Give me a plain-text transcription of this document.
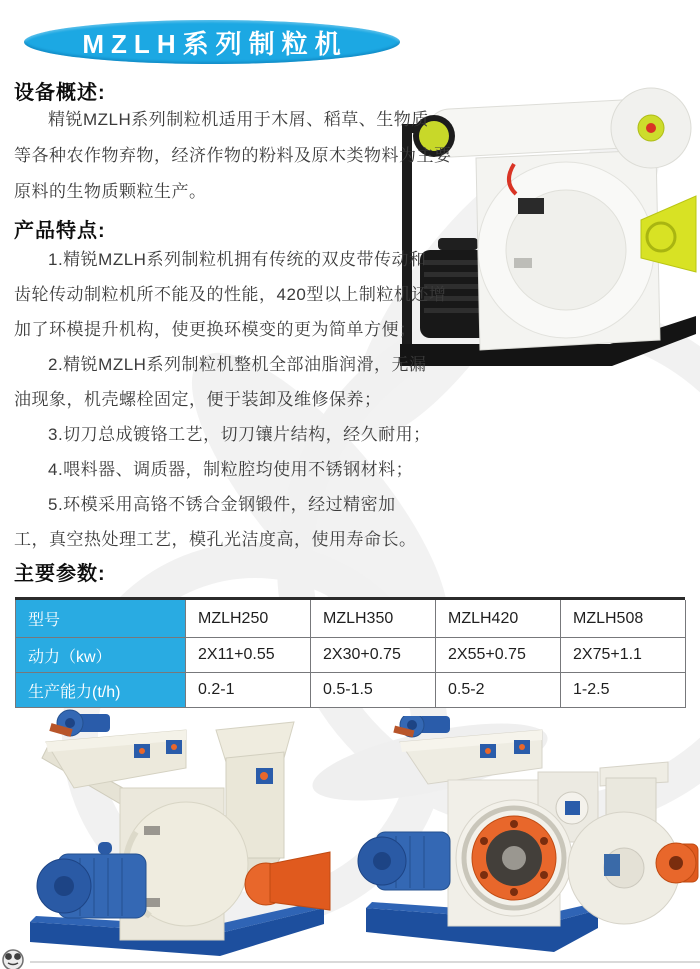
MZLH系列制粒机
设备概述:
精锐MZLH系列制粒机适用于木屑、稻草、生物质
等各种农作物弃物，经济作物的粉料及原木类物料为主要
原料的生物质颗粒生产。
产品特点:
1.精锐MZLH系列制粒机拥有传统的双皮带传动和
齿轮传动制粒机所不能及的性能，420型以上制粒机还增
加了环模提升机构，使更换环模变的更为简单方便；
2.精锐MZLH系列制粒机整机全部油脂润滑，无漏
油现象，机壳螺栓固定，便于装卸及维修保养；
3.切刀总成镀铬工艺，切刀镶片结构，经久耐用；
4.喂料器、调质器，制粒腔均使用不锈钢材料；
5.环模采用高铬不锈合金钢锻件，经过精密加
工，真空热处理工艺，模孔光洁度高，使用寿命长。
主要参数:
型号	MZLH250	MZLH350	MZLH420	MZLH508
动力（kw）	2X11+0.55	2X30+0.75	2X55+0.75	2X75+1.1
生产能力(t/h)	0.2-1	0.5-1.5	0.5-2	1-2.5
